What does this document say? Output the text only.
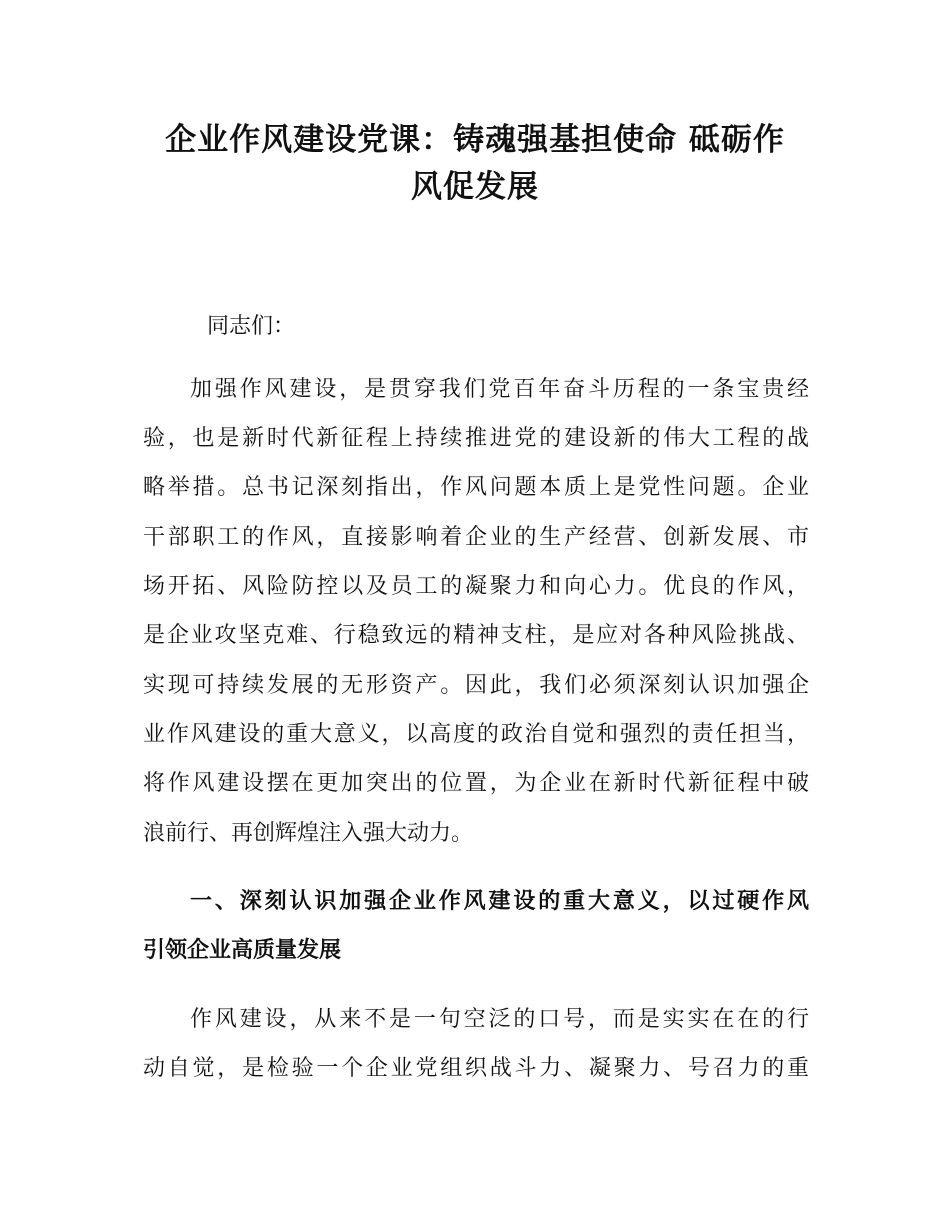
企业作风建设党课：铸魂强基担使命 砥砺作
风促发展
同志们：
加强作风建设，是贯穿我们党百年奋斗历程的一条宝贵经
验，也是新时代新征程上持续推进党的建设新的伟大工程的战
略举措。总书记深刻指出，作风问题本质上是党性问题。企业
干部职工的作风，直接影响着企业的生产经营、创新发展、市
场开拓、风险防控以及员工的凝聚力和向心力。优良的作风，
是企业攻坚克难、行稳致远的精神支柱，是应对各种风险挑战、
实现可持续发展的无形资产。因此，我们必须深刻认识加强企
业作风建设的重大意义，以高度的政治自觉和强烈的责任担当，
将作风建设摆在更加突出的位置，为企业在新时代新征程中破
浪前行、再创辉煌注入强大动力。
一、深刻认识加强企业作风建设的重大意义，以过硬作风
引领企业高质量发展
作风建设，从来不是一句空泛的口号，而是实实在在的行
动自觉，是检验一个企业党组织战斗力、凝聚力、号召力的重
